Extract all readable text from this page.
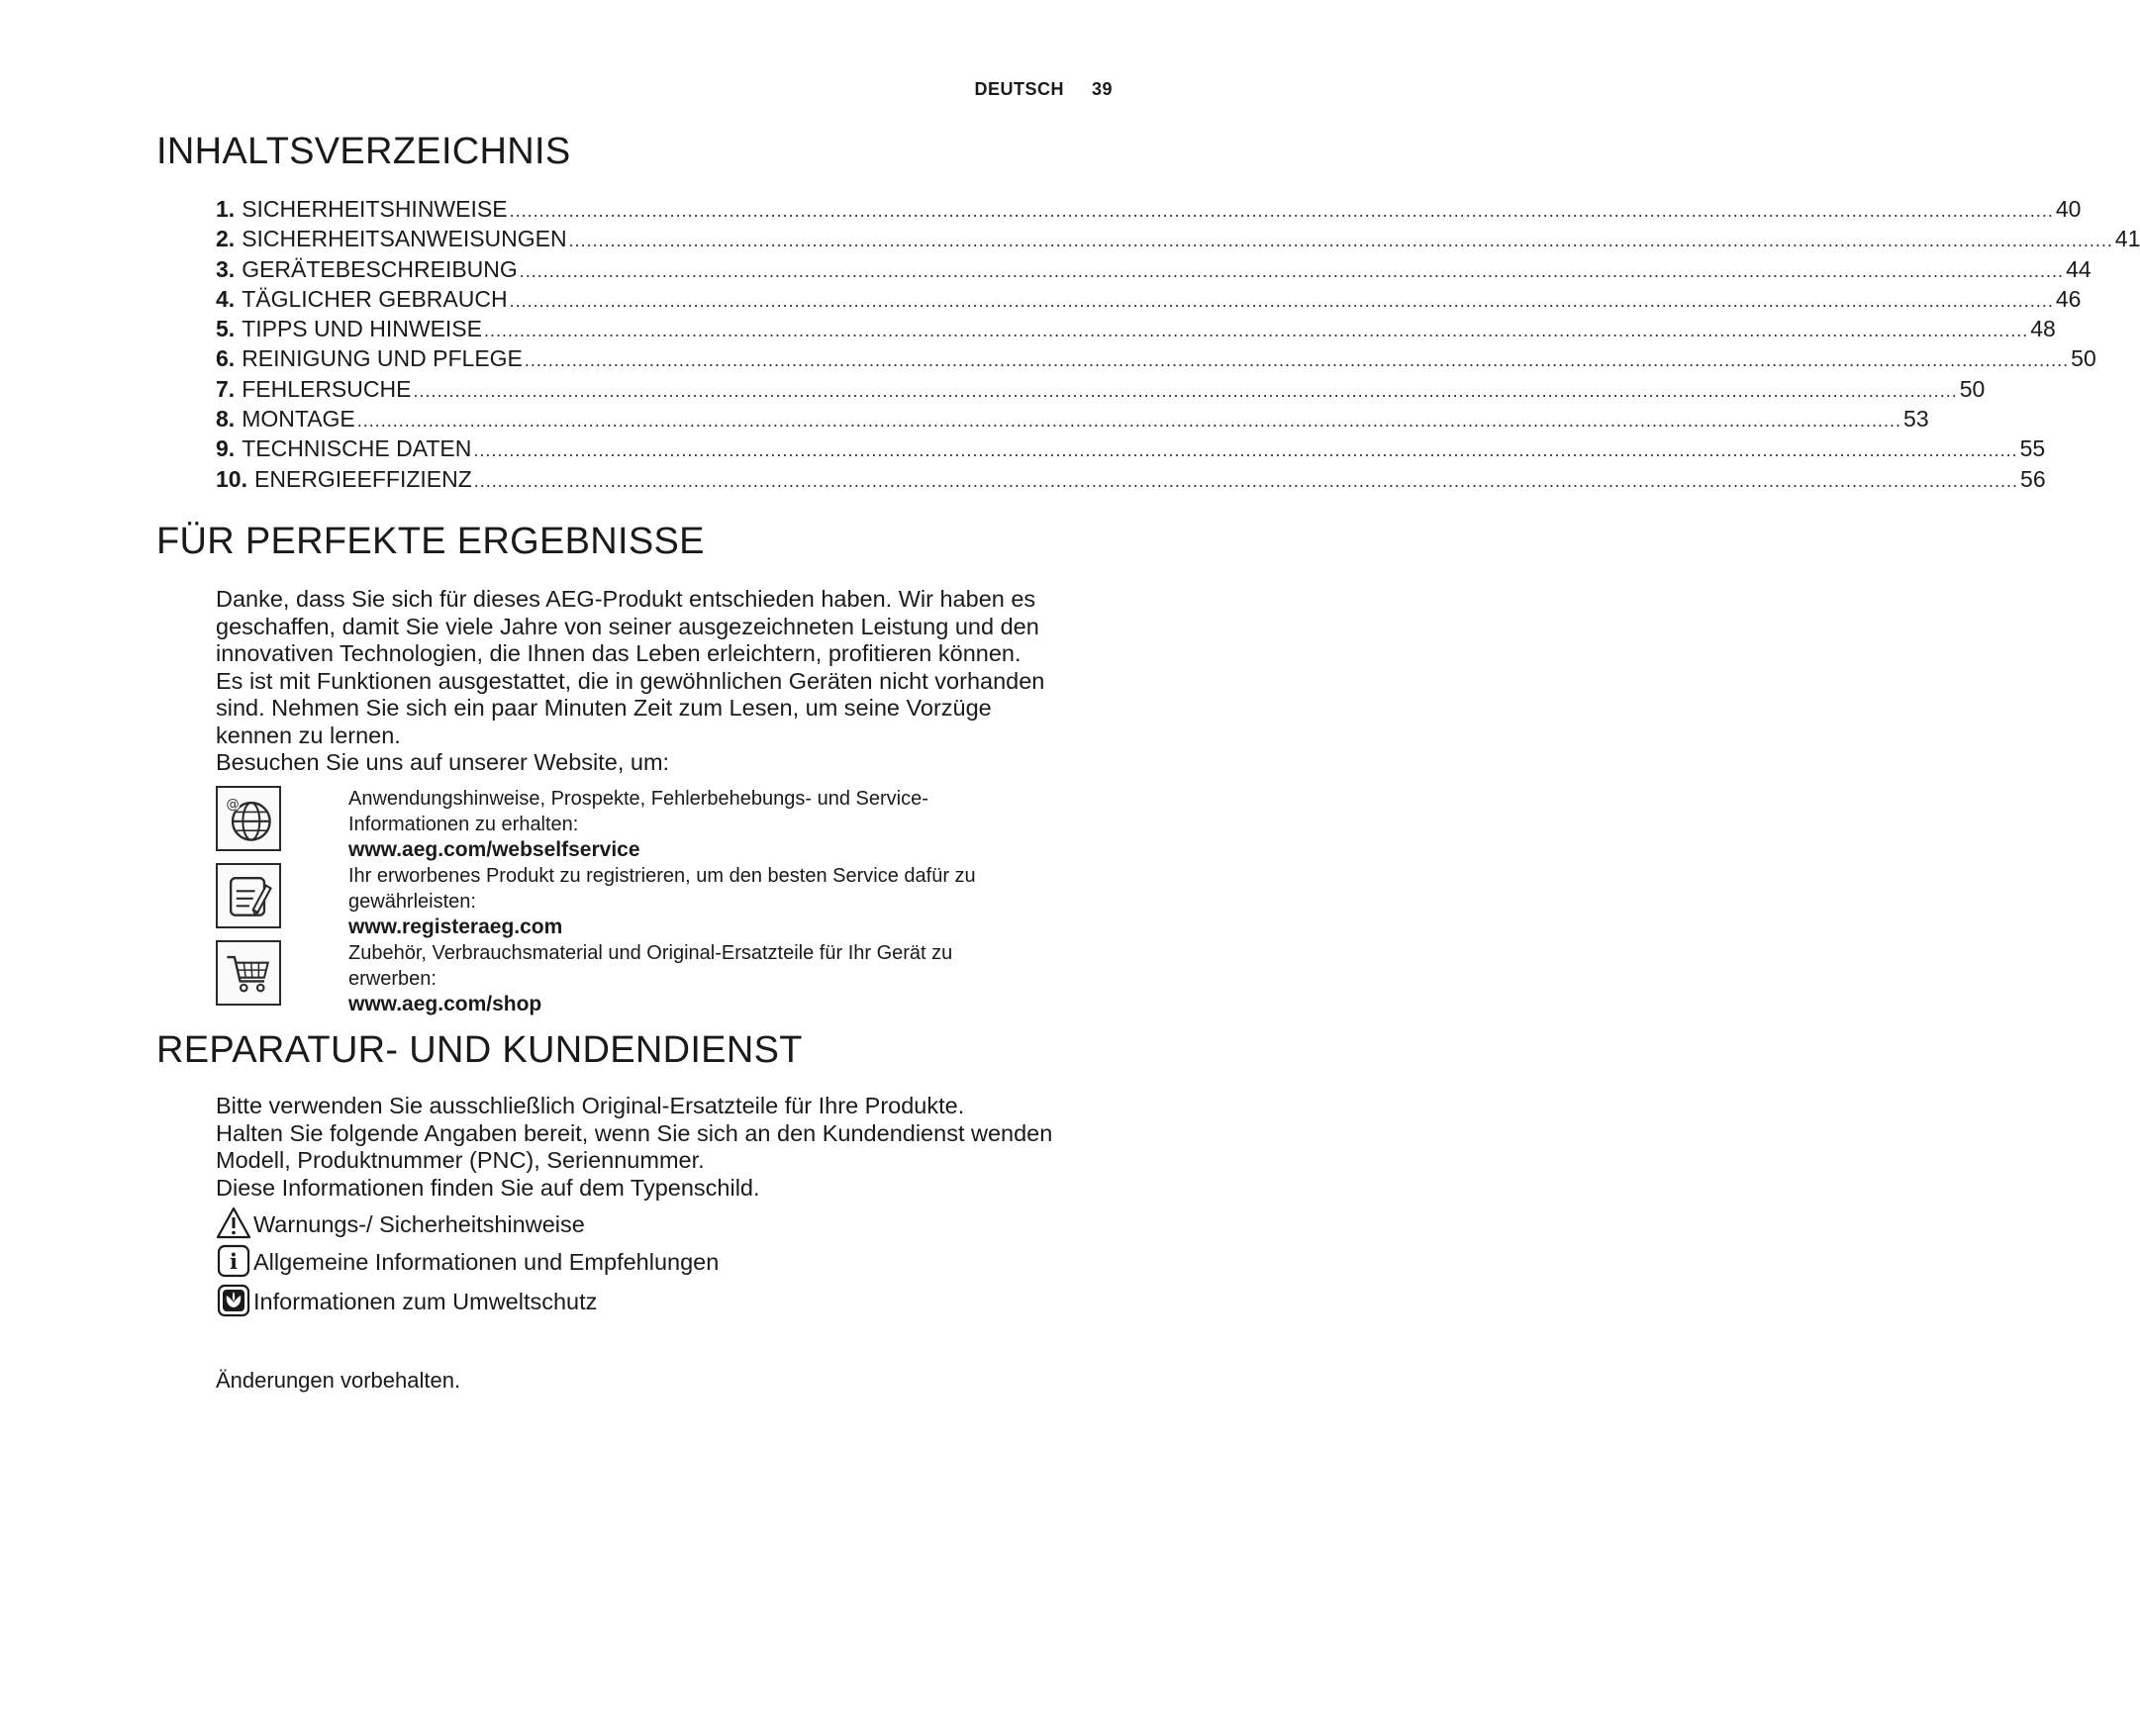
DEUTSCH 39
INHALTSVERZEICHNIS
1. SICHERHEITSHINWEISE .................................................................................................................................................................................................................................................................... 40
2. SICHERHEITSANWEISUNGEN .................................................................................................................................................................................................................................................................... 41
3. GERÄTEBESCHREIBUNG .................................................................................................................................................................................................................................................................... 44
4. TÄGLICHER GEBRAUCH .................................................................................................................................................................................................................................................................... 46
5. TIPPS UND HINWEISE .................................................................................................................................................................................................................................................................... 48
6. REINIGUNG UND PFLEGE .................................................................................................................................................................................................................................................................... 50
7. FEHLERSUCHE .................................................................................................................................................................................................................................................................... 50
8. MONTAGE .................................................................................................................................................................................................................................................................... 53
9. TECHNISCHE DATEN .................................................................................................................................................................................................................................................................... 55
10. ENERGIEEFFIZIENZ .................................................................................................................................................................................................................................................................... 56
FÜR PERFEKTE ERGEBNISSE

Danke, dass Sie sich für dieses AEG-Produkt entschieden haben. Wir haben es

geschaffen, damit Sie viele Jahre von seiner ausgezeichneten Leistung und den

innovativen Technologien, die Ihnen das Leben erleichtern, profitieren können.

Es ist mit Funktionen ausgestattet, die in gewöhnlichen Geräten nicht vorhanden

sind. Nehmen Sie sich ein paar Minuten Zeit zum Lesen, um seine Vorzüge

kennen zu lernen.

Besuchen Sie uns auf unserer Website, um:

@	Anwendungshinweise, Prospekte, Fehlerbehebungs- und Service-
Informationen zu erhalten:
www.aeg.com/webselfservice
Ihr erworbenes Produkt zu registrieren, um den besten Service dafür zu
gewährleisten:
www.registeraeg.com
Zubehör, Verbrauchsmaterial und Original-Ersatzteile für Ihr Gerät zu
erwerben:
www.aeg.com/shop
REPARATUR- UND KUNDENDIENST

Bitte verwenden Sie ausschließlich Original-Ersatzteile für Ihre Produkte.

Halten Sie folgende Angaben bereit, wenn Sie sich an den Kundendienst wenden

Modell, Produktnummer (PNC), Seriennummer.

Diese Informationen finden Sie auf dem Typenschild.

Warnungs-/ Sicherheitshinweise
i Allgemeine Informationen und Empfehlungen
Informationen zum Umweltschutz
Änderungen vorbehalten.
